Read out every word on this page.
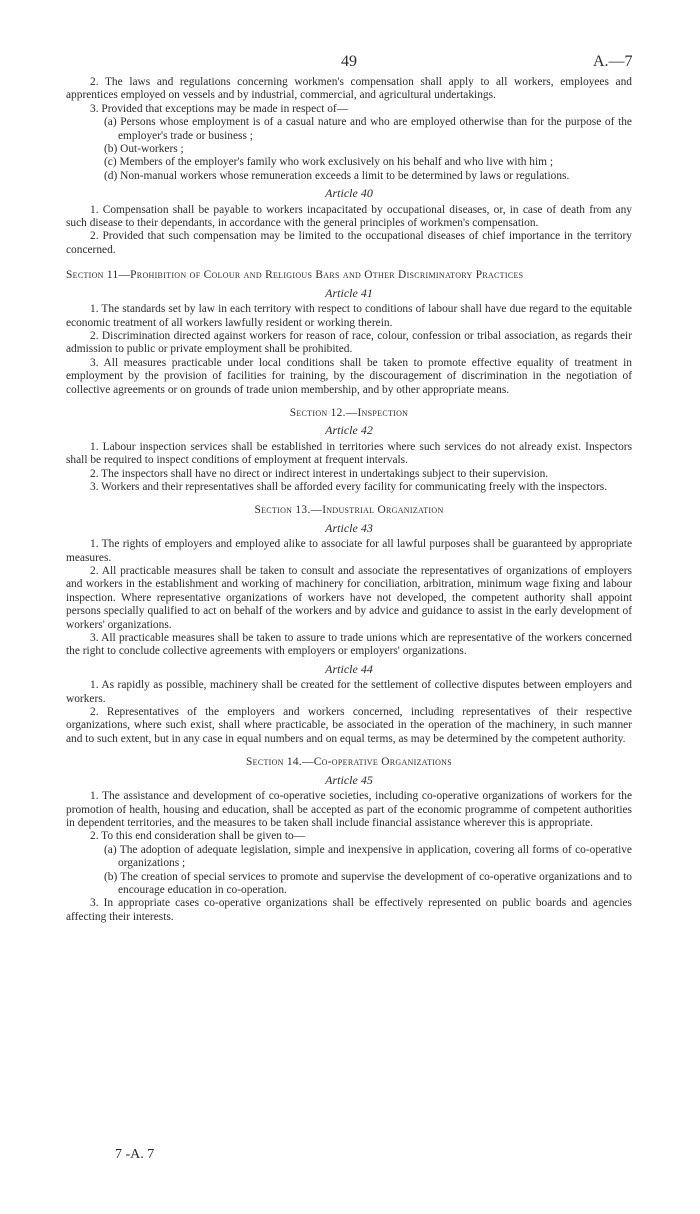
49	A.—7
2. The laws and regulations concerning workmen's compensation shall apply to all workers, employees and apprentices employed on vessels and by industrial, commercial, and agricultural undertakings.
3. Provided that exceptions may be made in respect of—
(a) Persons whose employment is of a casual nature and who are employed otherwise than for the purpose of the employer's trade or business ;
(b) Out-workers ;
(c) Members of the employer's family who work exclusively on his behalf and who live with him ;
(d) Non-manual workers whose remuneration exceeds a limit to be determined by laws or regulations.
Article 40
1. Compensation shall be payable to workers incapacitated by occupational diseases, or, in case of death from any such disease to their dependants, in accordance with the general principles of workmen's compensation.
2. Provided that such compensation may be limited to the occupational diseases of chief importance in the territory concerned.
Section 11—Prohibition of Colour and Religious Bars and Other Discriminatory Practices
Article 41
1. The standards set by law in each territory with respect to conditions of labour shall have due regard to the equitable economic treatment of all workers lawfully resident or working therein.
2. Discrimination directed against workers for reason of race, colour, confession or tribal association, as regards their admission to public or private employment shall be prohibited.
3. All measures practicable under local conditions shall be taken to promote effective equality of treatment in employment by the provision of facilities for training, by the discouragement of discrimination in the negotiation of collective agreements or on grounds of trade union membership, and by other appropriate means.
Section 12.—Inspection
Article 42
1. Labour inspection services shall be established in territories where such services do not already exist. Inspectors shall be required to inspect conditions of employment at frequent intervals.
2. The inspectors shall have no direct or indirect interest in undertakings subject to their supervision.
3. Workers and their representatives shall be afforded every facility for communicating freely with the inspectors.
Section 13.—Industrial Organization
Article 43
1. The rights of employers and employed alike to associate for all lawful purposes shall be guaranteed by appropriate measures.
2. All practicable measures shall be taken to consult and associate the representatives of organizations of employers and workers in the establishment and working of machinery for conciliation, arbitration, minimum wage fixing and labour inspection. Where representative organizations of workers have not developed, the competent authority shall appoint persons specially qualified to act on behalf of the workers and by advice and guidance to assist in the early development of workers' organizations.
3. All practicable measures shall be taken to assure to trade unions which are representative of the workers concerned the right to conclude collective agreements with employers or employers' organizations.
Article 44
1. As rapidly as possible, machinery shall be created for the settlement of collective disputes between employers and workers.
2. Representatives of the employers and workers concerned, including representatives of their respective organizations, where such exist, shall where practicable, be associated in the operation of the machinery, in such manner and to such extent, but in any case in equal numbers and on equal terms, as may be determined by the competent authority.
Section 14.—Co-operative Organizations
Article 45
1. The assistance and development of co-operative societies, including co-operative organizations of workers for the promotion of health, housing and education, shall be accepted as part of the economic programme of competent authorities in dependent territories, and the measures to be taken shall include financial assistance wherever this is appropriate.
2. To this end consideration shall be given to—
(a) The adoption of adequate legislation, simple and inexpensive in application, covering all forms of co-operative organizations ;
(b) The creation of special services to promote and supervise the development of co-operative organizations and to encourage education in co-operation.
3. In appropriate cases co-operative organizations shall be effectively represented on public boards and agencies affecting their interests.
7 -A. 7
